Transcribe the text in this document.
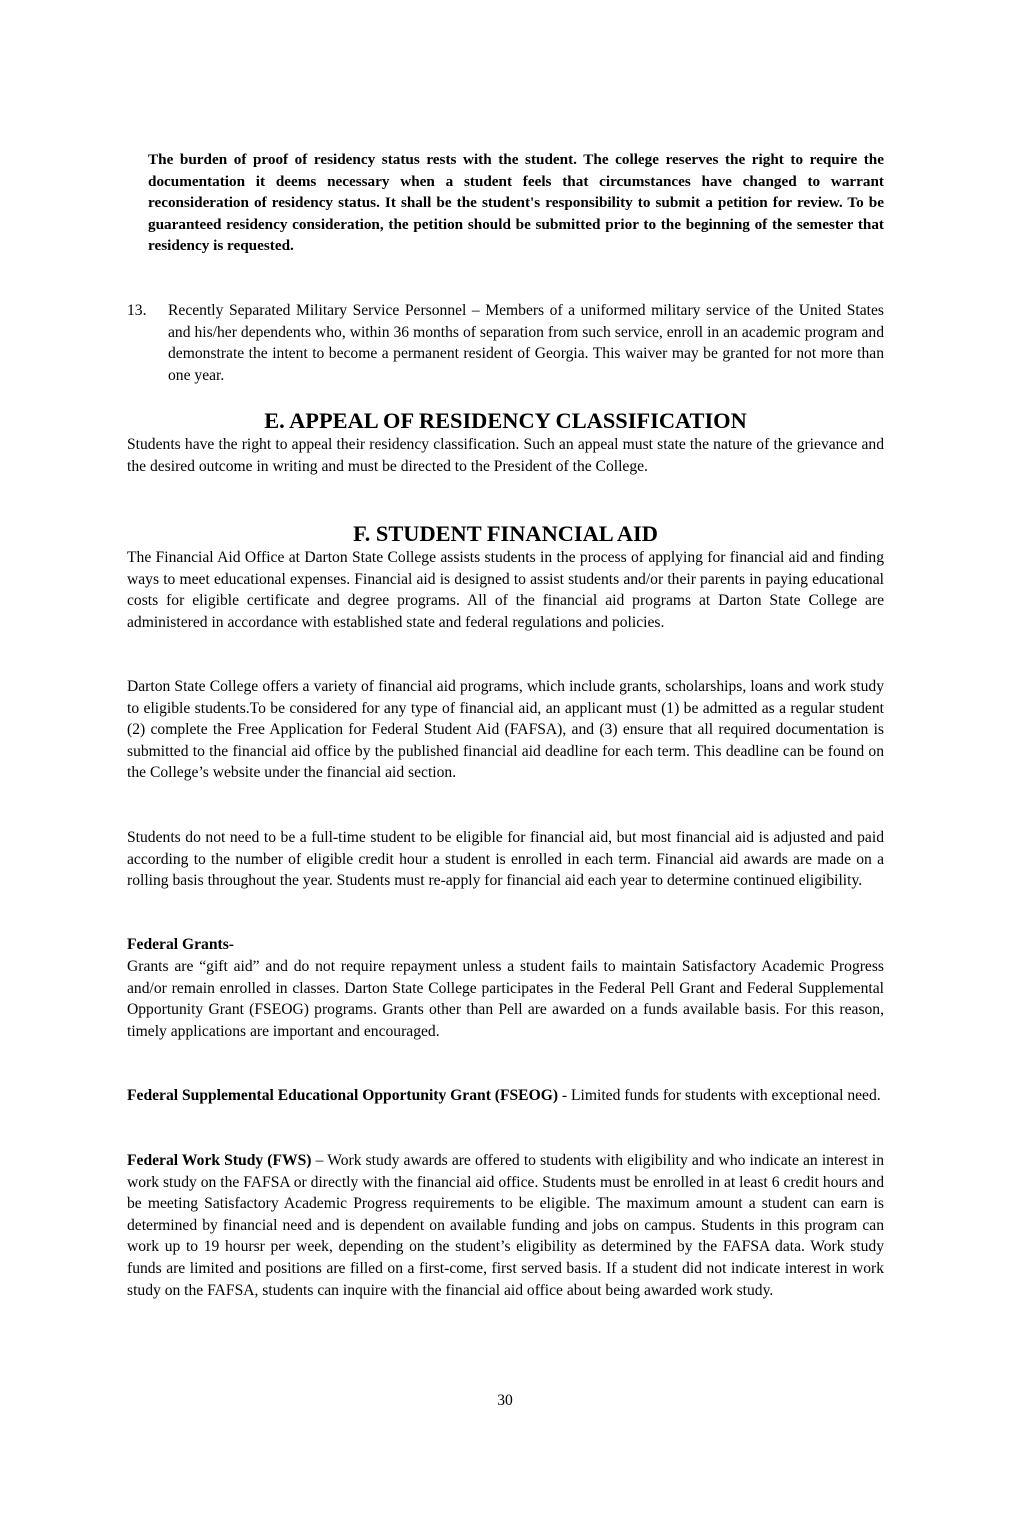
The burden of proof of residency status rests with the student. The college reserves the right to require the documentation it deems necessary when a student feels that circumstances have changed to warrant reconsideration of residency status. It shall be the student's responsibility to submit a petition for review. To be guaranteed residency consideration, the petition should be submitted prior to the beginning of the semester that residency is requested.

13. Recently Separated Military Service Personnel – Members of a uniformed military service of the United States and his/her dependents who, within 36 months of separation from such service, enroll in an academic program and demonstrate the intent to become a permanent resident of Georgia. This waiver may be granted for not more than one year.
E. APPEAL OF RESIDENCY CLASSIFICATION

Students have the right to appeal their residency classification. Such an appeal must state the nature of the grievance and the desired outcome in writing and must be directed to the President of the College.

F. STUDENT FINANCIAL AID

The Financial Aid Office at Darton State College assists students in the process of applying for financial aid and finding ways to meet educational expenses. Financial aid is designed to assist students and/or their parents in paying educational costs for eligible certificate and degree programs. All of the financial aid programs at Darton State College are administered in accordance with established state and federal regulations and policies.

Darton State College offers a variety of financial aid programs, which include grants, scholarships, loans and work study to eligible students.To be considered for any type of financial aid, an applicant must (1) be admitted as a regular student (2) complete the Free Application for Federal Student Aid (FAFSA), and (3) ensure that all required documentation is submitted to the financial aid office by the published financial aid deadline for each term. This deadline can be found on the College’s website under the financial aid section.

Students do not need to be a full-time student to be eligible for financial aid, but most financial aid is adjusted and paid according to the number of eligible credit hour a student is enrolled in each term. Financial aid awards are made on a rolling basis throughout the year. Students must re-apply for financial aid each year to determine continued eligibility.

Federal Grants-

Grants are “gift aid” and do not require repayment unless a student fails to maintain Satisfactory Academic Progress and/or remain enrolled in classes. Darton State College participates in the Federal Pell Grant and Federal Supplemental Opportunity Grant (FSEOG) programs. Grants other than Pell are awarded on a funds available basis. For this reason, timely applications are important and encouraged.

Federal Supplemental Educational Opportunity Grant (FSEOG) - Limited funds for students with exceptional need.

Federal Work Study (FWS) – Work study awards are offered to students with eligibility and who indicate an interest in work study on the FAFSA or directly with the financial aid office. Students must be enrolled in at least 6 credit hours and be meeting Satisfactory Academic Progress requirements to be eligible. The maximum amount a student can earn is determined by financial need and is dependent on available funding and jobs on campus. Students in this program can work up to 19 hoursr per week, depending on the student’s eligibility as determined by the FAFSA data. Work study funds are limited and positions are filled on a first-come, first served basis. If a student did not indicate interest in work study on the FAFSA, students can inquire with the financial aid office about being awarded work study.

30
